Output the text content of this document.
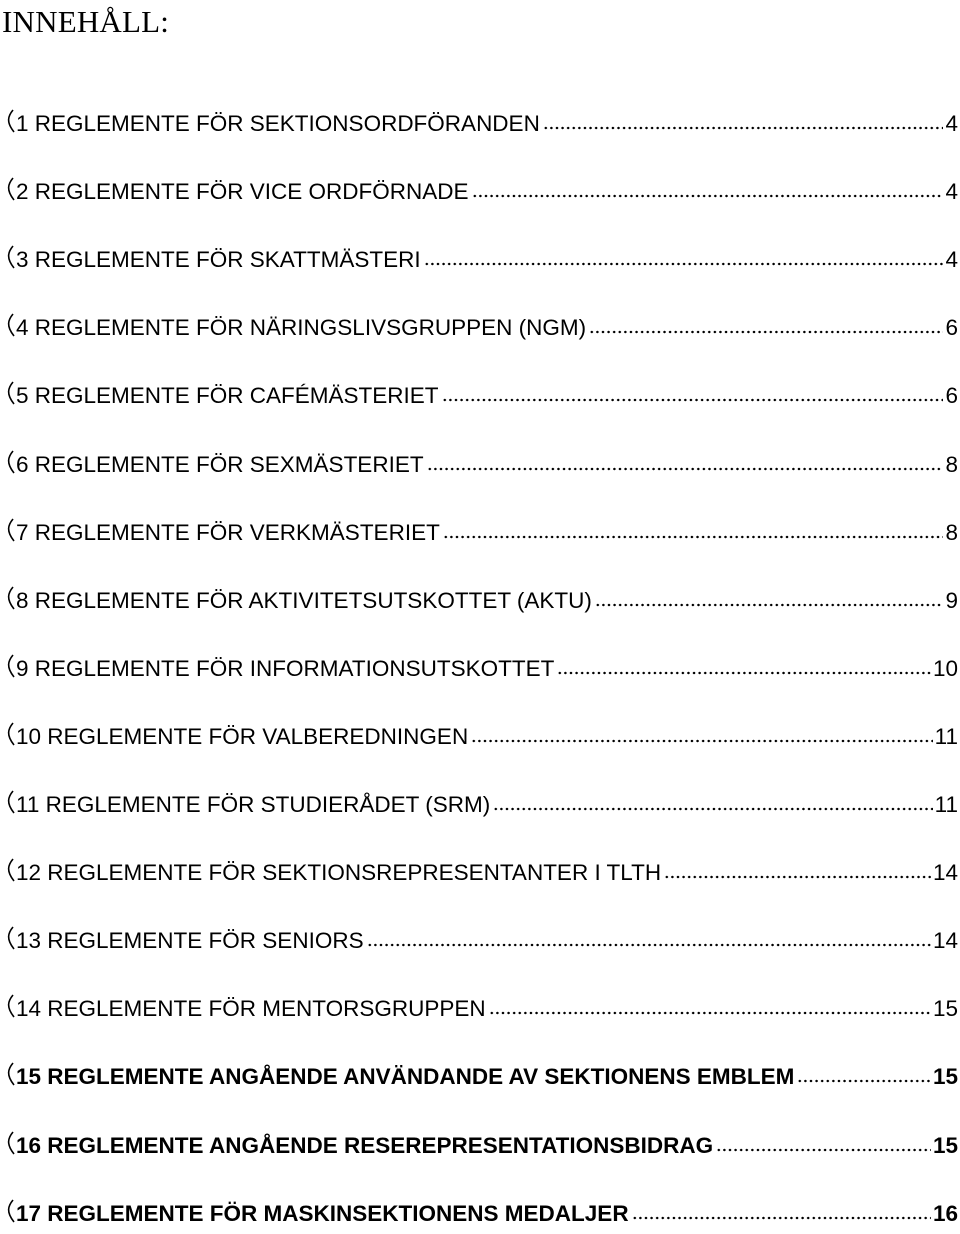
INNEHÅLL:
1 REGLEMENTE FÖR SEKTIONSORDFÖRANDEN	4
2 REGLEMENTE FÖR VICE ORDFÖRNADE	4
3 REGLEMENTE FÖR SKATTMÄSTERI	4
4 REGLEMENTE FÖR NÄRINGSLIVSGRUPPEN (NGM)	6
5 REGLEMENTE FÖR CAFÉMÄSTERIET	6
6 REGLEMENTE FÖR SEXMÄSTERIET	8
7 REGLEMENTE FÖR VERKMÄSTERIET	8
8 REGLEMENTE FÖR AKTIVITETSUTSKOTTET (AKTU)	9
9 REGLEMENTE FÖR INFORMATIONSUTSKOTTET	10
10 REGLEMENTE FÖR VALBEREDNINGEN	11
11 REGLEMENTE FÖR STUDIERÅDET (SRM)	11
12 REGLEMENTE FÖR SEKTIONSREPRESENTANTER I TLTH	14
13 REGLEMENTE FÖR SENIORS	14
14 REGLEMENTE FÖR MENTORSGRUPPEN	15
15 REGLEMENTE ANGÅENDE ANVÄNDANDE AV SEKTIONENS EMBLEM	15
16 REGLEMENTE ANGÅENDE RESEREPRESENTATIONSBIDRAG	15
17 REGLEMENTE FÖR MASKINSEKTIONENS MEDALJER	16
